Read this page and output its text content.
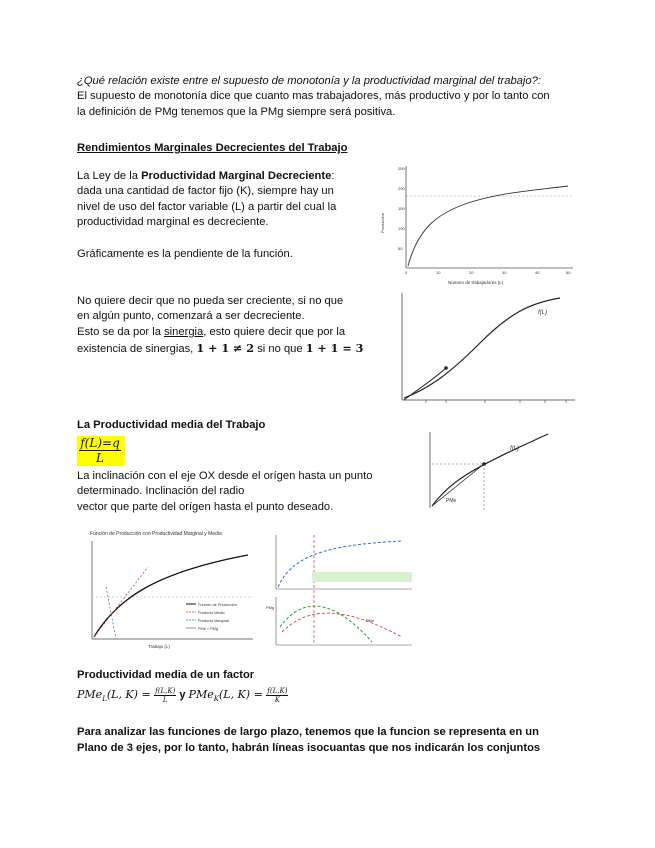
¿Qué relación existe entre el supuesto de monotonía y la productividad marginal del trabajo?:
El supuesto de monotonía dice que cuanto mas trabajadores, más productivo y por lo tanto con
la definición de PMg tenemos que la PMg siempre será positiva.
Rendimientos Marginales Decrecientes del Trabajo
La Ley de la Productividad Marginal Decreciente:
dada una cantidad de factor fijo (K), siempre hay un
nivel de uso del factor variable (L) a partir del cual la
productividad marginal es decreciente.
Gráficamente es la pendiente de la función.
No quiere decir que no pueda ser creciente, si no que
en algún punto, comenzará a ser decreciente.
Esto se da por la sinergia, esto quiere decir que por la
existencia de sinergias, 1 + 1 ≠ 2 si no que 1 + 1 = 3
La Productividad media del Trabajo
$\frac{f(L)=q}{L}$
La inclinación con el eje OX desde el orígen hasta un punto
determinado. Inclinación del radio
vector que parte del orígen hasta el punto deseado.
Productividad media de un factor
PMe$_L$(L, $K) = \frac{f(L,K)}{L}$ y PMe$_K$(L, $K) = \frac{f(L,K)}{K}$
Para analizar las funciones de largo plazo, tenemos que la funcion se representa en un
Plano de 3 ejes, por lo tanto, habrán líneas isocuantas que nos indicarán los conjuntos
Producción
250
200
150
100
50
0	10	20	30	40	50
Número de trabajadores (L)
f(L)
f(L)
PMe
Función de Producción con Productividad Marginal y Media
Función de Producción
Producto Medio
Producto Marginal
PMe = PMg
Trabajo (L)
PMg
PMe
